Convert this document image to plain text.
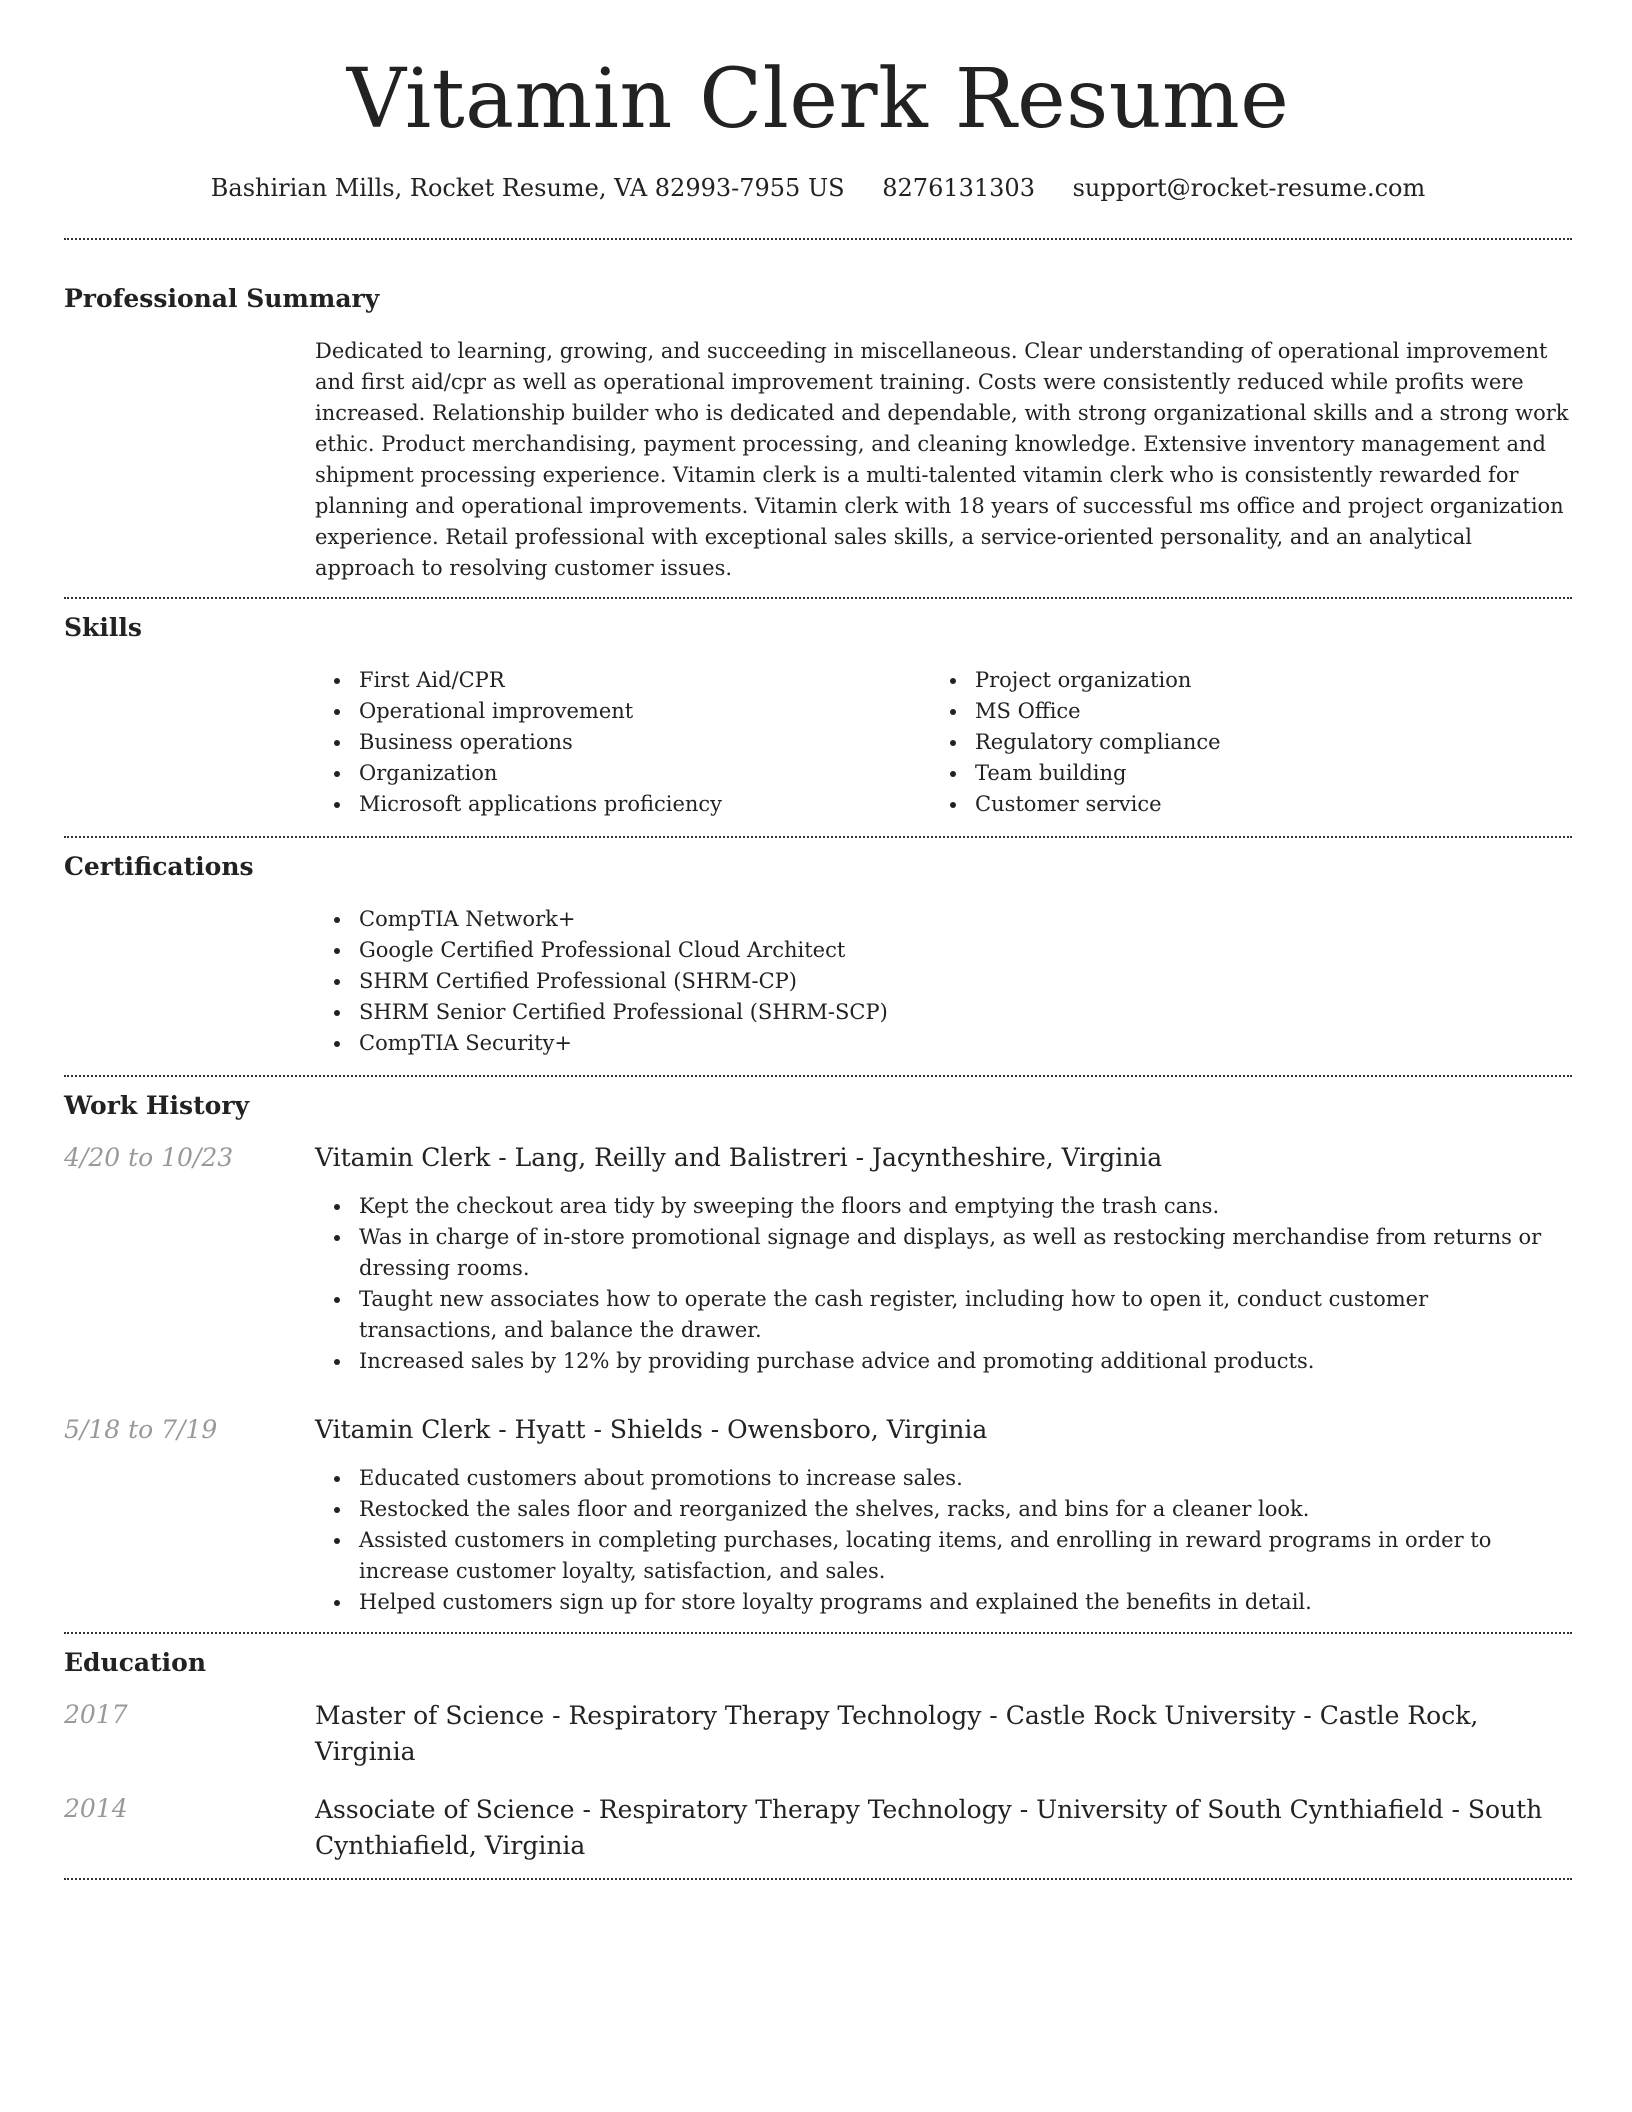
Vitamin Clerk Resume
Bashirian Mills, Rocket Resume, VA 82993-7955 US 8276131303 support@rocket-resume.com
Professional Summary

Dedicated to learning, growing, and succeeding in miscellaneous. Clear understanding of operational improvement and first aid/cpr as well as operational improvement training. Costs were consistently reduced while profits were increased. Relationship builder who is dedicated and dependable, with strong organizational skills and a strong work ethic. Product merchandising, payment processing, and cleaning knowledge. Extensive inventory management and shipment processing experience. Vitamin clerk is a multi-talented vitamin clerk who is consistently rewarded for planning and operational improvements. Vitamin clerk with 18 years of successful ms office and project organization experience. Retail professional with exceptional sales skills, a service-oriented personality, and an analytical approach to resolving customer issues.

Skills
First Aid/CPR
Operational improvement
Business operations
Organization
Microsoft applications proficiency
Project organization
MS Office
Regulatory compliance
Team building
Customer service
Certifications
CompTIA Network+
Google Certified Professional Cloud Architect
SHRM Certified Professional (SHRM-CP)
SHRM Senior Certified Professional (SHRM-SCP)
CompTIA Security+
Work History
4/20 to 10/23	Vitamin Clerk - Lang, Reilly and Balistreri - Jacyntheshire, Virginia
Kept the checkout area tidy by sweeping the floors and emptying the trash cans.
Was in charge of in-store promotional signage and displays, as well as restocking merchandise from returns or dressing rooms.
Taught new associates how to operate the cash register, including how to open it, conduct customer transactions, and balance the drawer.
Increased sales by 12% by providing purchase advice and promoting additional products.
5/18 to 7/19	Vitamin Clerk - Hyatt - Shields - Owensboro, Virginia
Educated customers about promotions to increase sales.
Restocked the sales floor and reorganized the shelves, racks, and bins for a cleaner look.
Assisted customers in completing purchases, locating items, and enrolling in reward programs in order to increase customer loyalty, satisfaction, and sales.
Helped customers sign up for store loyalty programs and explained the benefits in detail.
Education
2017	Master of Science - Respiratory Therapy Technology - Castle Rock University - Castle Rock, Virginia
2014	Associate of Science - Respiratory Therapy Technology - University of South Cynthiafield - South Cynthiafield, Virginia
